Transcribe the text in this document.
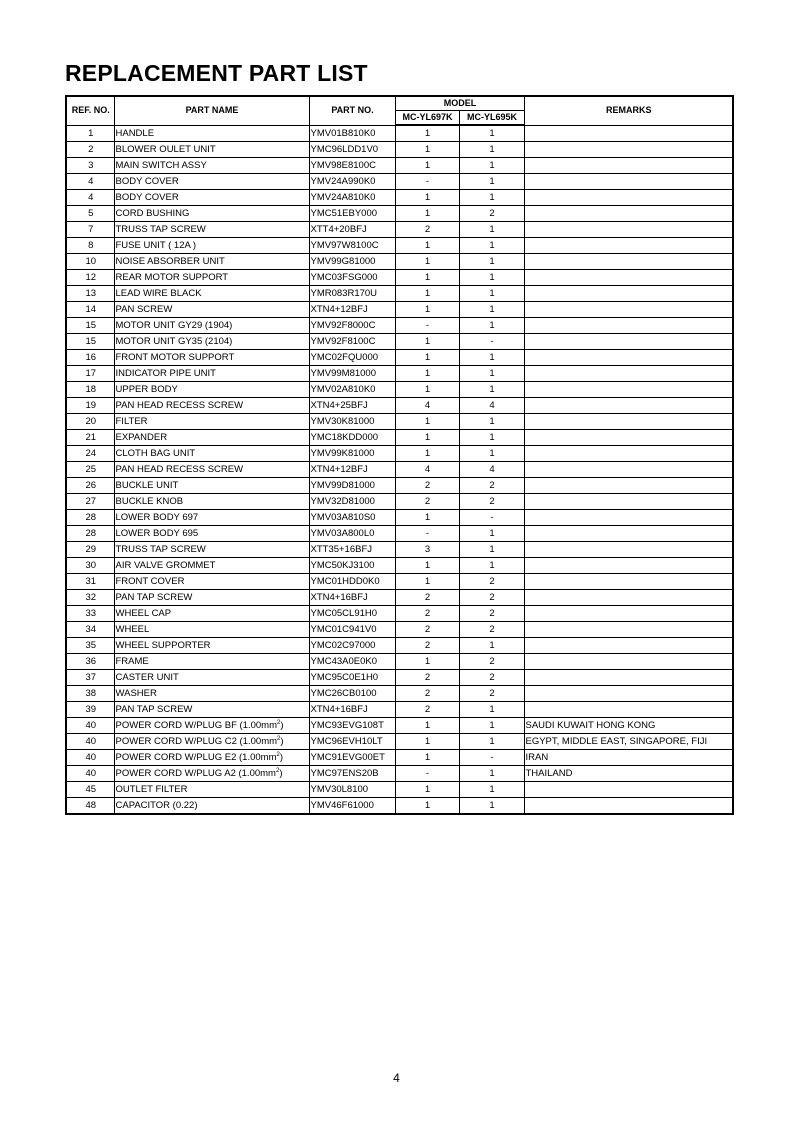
REPLACEMENT PART LIST
REF. NO.	PART NAME	PART NO.	MODEL		REMARKS
			MC-YL697K	MC-YL695K	
1	HANDLE	YMV01B810K0	1	1	
2	BLOWER OULET UNIT	YMC96LDD1V0	1	1	
3	MAIN SWITCH ASSY	YMV98E8100C	1	1	
4	BODY COVER	YMV24A990K0	-	1	
4	BODY COVER	YMV24A810K0	1	1	
5	CORD BUSHING	YMC51EBY000	1	2	
7	TRUSS TAP SCREW	XTT4+20BFJ	2	1	
8	FUSE UNIT ( 12A )	YMV97W8100C	1	1	
10	NOISE ABSORBER UNIT	YMV99G81000	1	1	
12	REAR MOTOR SUPPORT	YMC03FSG000	1	1	
13	LEAD WIRE BLACK	YMR083R170U	1	1	
14	PAN SCREW	XTN4+12BFJ	1	1	
15	MOTOR UNIT GY29 (1904)	YMV92F8000C	-	1	
15	MOTOR UNIT GY35 (2104)	YMV92F8100C	1	-	
16	FRONT MOTOR SUPPORT	YMC02FQU000	1	1	
17	INDICATOR PIPE UNIT	YMV99M81000	1	1	
18	UPPER BODY	YMV02A810K0	1	1	
19	PAN HEAD RECESS SCREW	XTN4+25BFJ	4	4	
20	FILTER	YMV30K81000	1	1	
21	EXPANDER	YMC18KDD000	1	1	
24	CLOTH BAG UNIT	YMV99K81000	1	1	
25	PAN HEAD RECESS SCREW	XTN4+12BFJ	4	4	
26	BUCKLE UNIT	YMV99D81000	2	2	
27	BUCKLE KNOB	YMV32D81000	2	2	
28	LOWER BODY 697	YMV03A810S0	1	-	
28	LOWER BODY 695	YMV03A800L0	-	1	
29	TRUSS TAP SCREW	XTT35+16BFJ	3	1	
30	AIR VALVE GROMMET	YMC50KJ3100	1	1	
31	FRONT COVER	YMC01HDD0K0	1	2	
32	PAN TAP SCREW	XTN4+16BFJ	2	2	
33	WHEEL CAP	YMC05CL91H0	2	2	
34	WHEEL	YMC01C941V0	2	2	
35	WHEEL SUPPORTER	YMC02C97000	2	1	
36	FRAME	YMC43A0E0K0	1	2	
37	CASTER UNIT	YMC95C0E1H0	2	2	
38	WASHER	YMC26CB0100	2	2	
39	PAN TAP SCREW	XTN4+16BFJ	2	1	
40	POWER CORD W/PLUG BF $(1.00mm^2)$	YMC93EVG108T	1	1	SAUDI KUWAIT HONG KONG
40	POWER CORD W/PLUG C2 $(1.00mm^2)$	YMC96EVH10LT	1	1	EGYPT, MIDDLE EAST, SINGAPORE, FIJI
40	POWER CORD W/PLUG E2 $(1.00mm^2)$	YMC91EVG00ET	1	-	IRAN
40	POWER CORD W/PLUG A2 $(1.00mm^2)$	YMC97ENS20B	-	1	THAILAND
45	OUTLET FILTER	YMV30L8100	1	1	
48	CAPACITOR (0.22)	YMV46F61000	1	1	
4
